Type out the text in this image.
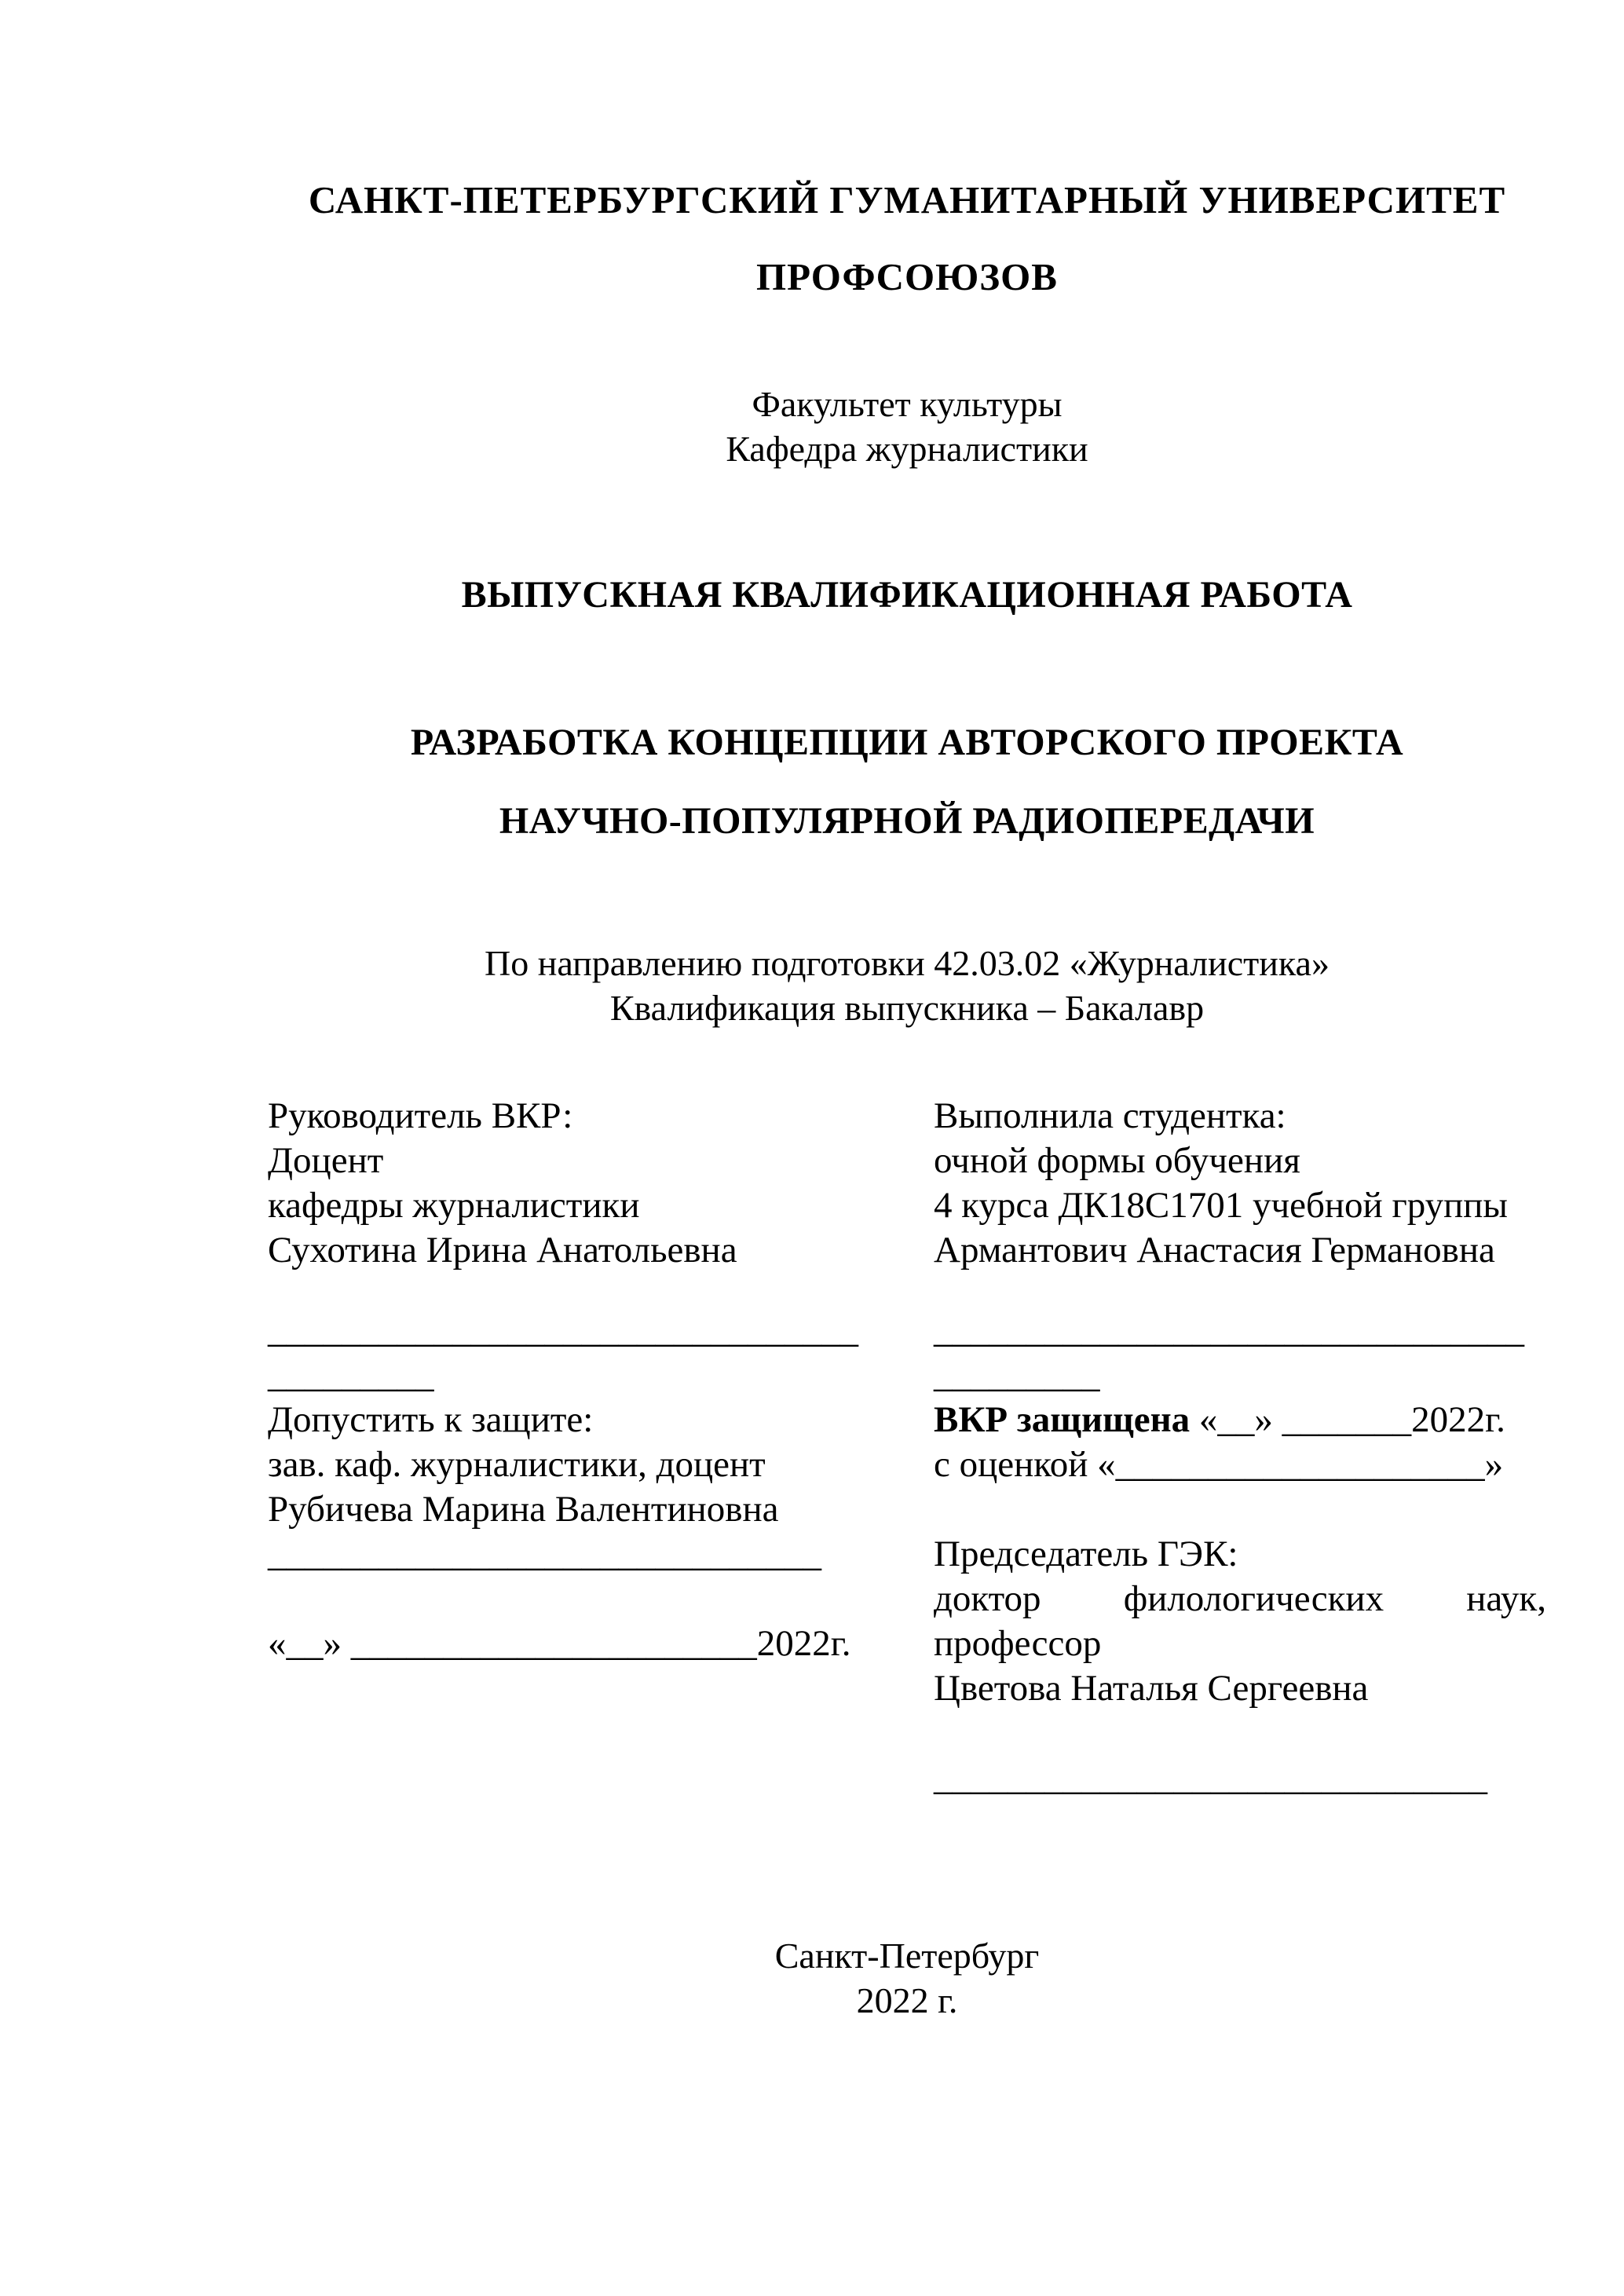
САНКТ-ПЕТЕРБУРГСКИЙ ГУМАНИТАРНЫЙ УНИВЕРСИТЕТ
ПРОФСОЮЗОВ
Факультет культуры
Кафедра журналистики
ВЫПУСКНАЯ КВАЛИФИКАЦИОННАЯ РАБОТА
РАЗРАБОТКА КОНЦЕПЦИИ АВТОРСКОГО ПРОЕКТА
НАУЧНО-ПОПУЛЯРНОЙ РАДИОПЕРЕДАЧИ
По направлению подготовки 42.03.02 «Журналистика»
Квалификация выпускника – Бакалавр
Руководитель ВКР:
Доцент
кафедры журналистики
Сухотина Ирина Анатольевна
________________________________
_________
Допустить к защите:
зав. каф. журналистики, доцент
Рубичева Марина Валентиновна
______________________________
«__» ______________________2022г.
Выполнила студентка:
очной формы обучения
4 курса ДК18С1701 учебной группы
Армантович Анастасия Германовна
________________________________
_________
ВКР защищена «__» _______2022г.
с оценкой «____________________»
Председатель ГЭК:
доктор филологических наук,
профессор
Цветова Наталья Сергеевна
______________________________
Санкт-Петербург
2022 г.
